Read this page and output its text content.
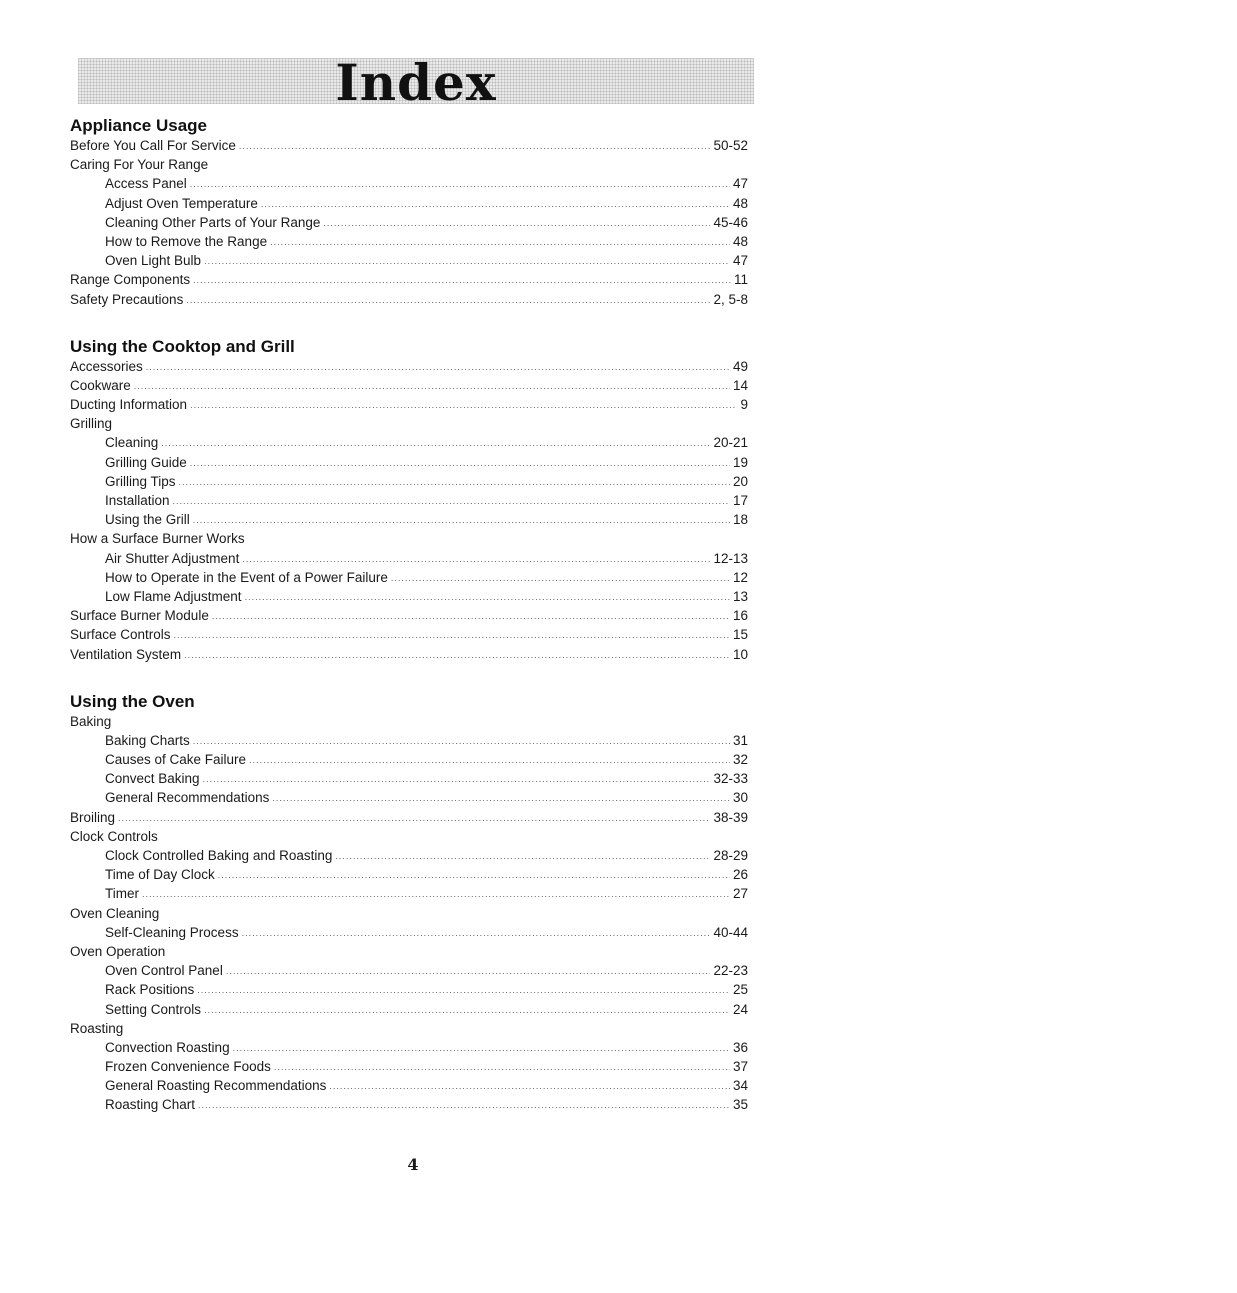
Index
Appliance Usage
Before You Call For Service .....	50-52
Caring For Your Range
Access Panel .....	47
Adjust Oven Temperature .....	48
Cleaning Other Parts of Your Range .....	45-46
How to Remove the Range .....	48
Oven Light Bulb .....	47
Range Components .....	11
Safety Precautions .....	2, 5-8
Using the Cooktop and Grill
Accessories .....	49
Cookware .....	14
Ducting Information .....	9
Grilling
Cleaning .....	20-21
Grilling Guide .....	19
Grilling Tips .....	20
Installation .....	17
Using the Grill .....	18
How a Surface Burner Works
Air Shutter Adjustment .....	12-13
How to Operate in the Event of a Power Failure .....	12
Low Flame Adjustment .....	13
Surface Burner Module .....	16
Surface Controls .....	15
Ventilation System .....	10
Using the Oven
Baking
Baking Charts .....	31
Causes of Cake Failure .....	32
Convect Baking .....	32-33
General Recommendations .....	30
Broiling .....	38-39
Clock Controls
Clock Controlled Baking and Roasting .....	28-29
Time of Day Clock .....	26
Timer .....	27
Oven Cleaning
Self-Cleaning Process .....	40-44
Oven Operation
Oven Control Panel .....	22-23
Rack Positions .....	25
Setting Controls .....	24
Roasting
Convection Roasting .....	36
Frozen Convenience Foods .....	37
General Roasting Recommendations .....	34
Roasting Chart .....	35
4
